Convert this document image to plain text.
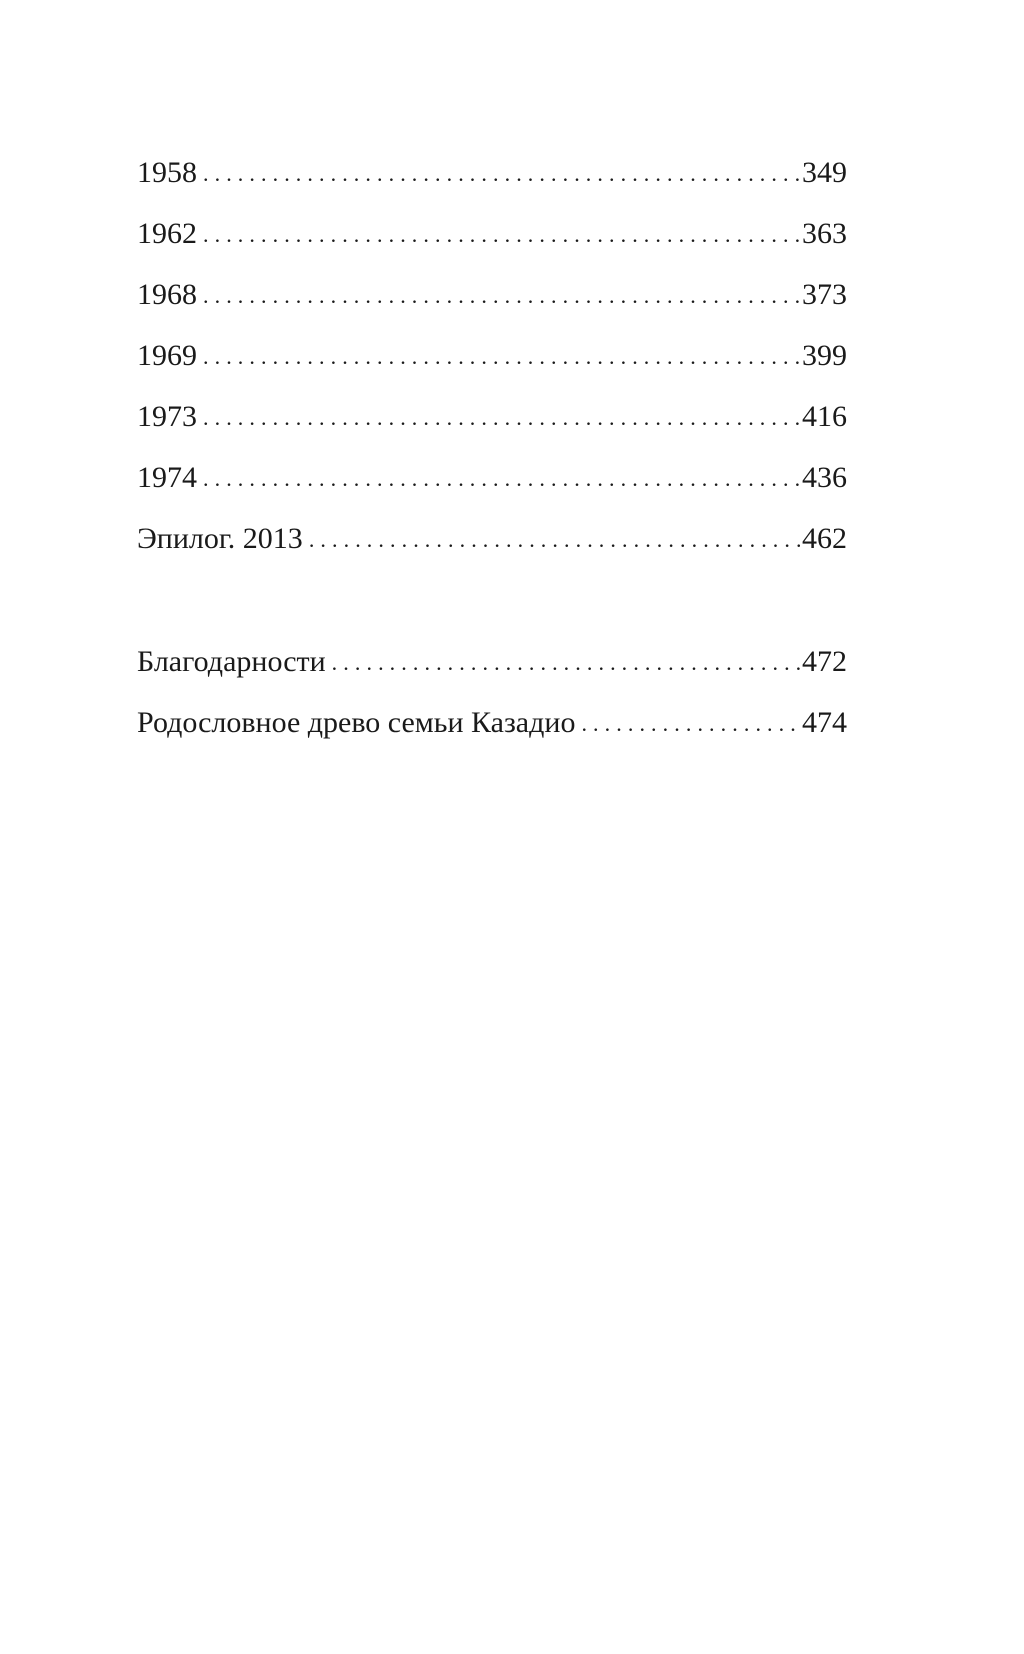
1958 . . .	349
1962 . . .	363
1968 . . .	373
1969 . . .	399
1973 . . .	416
1974 . . .	436
Эпилог. 2013 . . .	462
Благодарности . . .	472
Родословное древо семьи Казадио . . .	474
